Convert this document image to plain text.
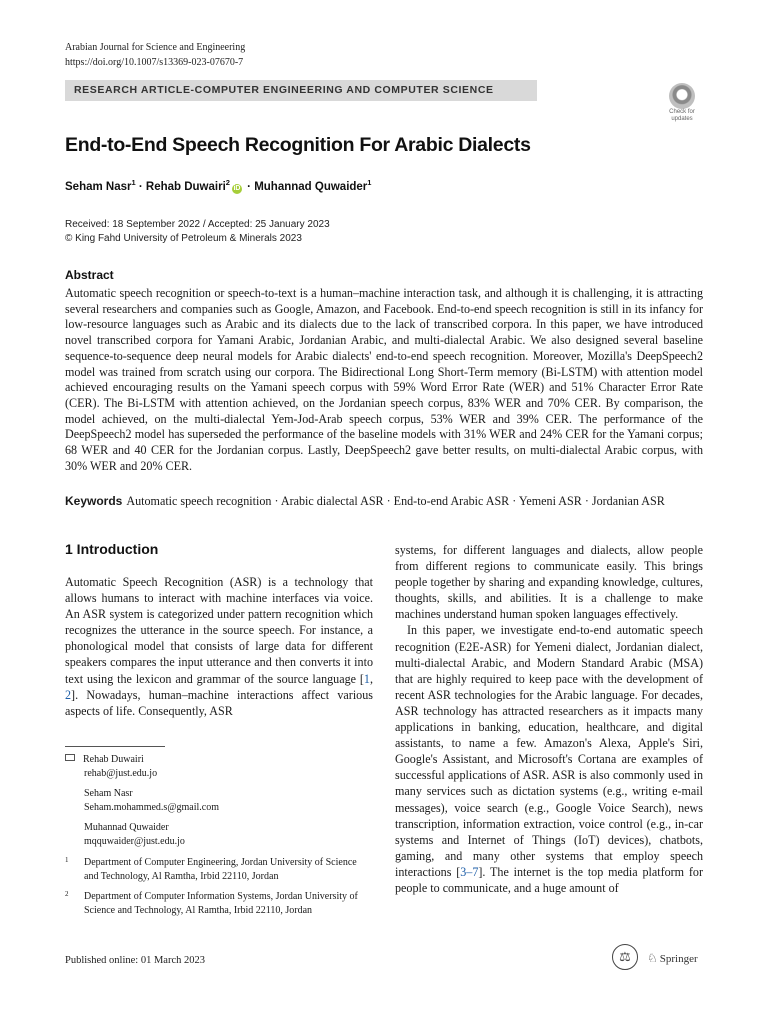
Arabian Journal for Science and Engineering
https://doi.org/10.1007/s13369-023-07670-7
RESEARCH ARTICLE-COMPUTER ENGINEERING AND COMPUTER SCIENCE
Check for
updates
End-to-End Speech Recognition For Arabic Dialects
Seham Nasr$^1$ · Rehab Duwairi$^2$iD · Muhannad Quwaider$^1$
Received: 18 September 2022 / Accepted: 25 January 2023
© King Fahd University of Petroleum & Minerals 2023
Abstract
Automatic speech recognition or speech-to-text is a human–machine interaction task, and although it is challenging, it is attracting several researchers and companies such as Google, Amazon, and Facebook. End-to-end speech recognition is still in its infancy for low-resource languages such as Arabic and its dialects due to the lack of transcribed corpora. In this paper, we have introduced novel transcribed corpora for Yamani Arabic, Jordanian Arabic, and multi-dialectal Arabic. We also designed several baseline sequence-to-sequence deep neural models for Arabic dialects' end-to-end speech recognition. Moreover, Mozilla's DeepSpeech2 model was trained from scratch using our corpora. The Bidirectional Long Short-Term memory (Bi-LSTM) with attention model achieved encouraging results on the Yamani speech corpus with 59% Word Error Rate (WER) and 51% Character Error Rate (CER). The Bi-LSTM with attention achieved, on the Jordanian speech corpus, 83% WER and 70% CER. By comparison, the model achieved, on the multi-dialectal Yem-Jod-Arab speech corpus, 53% WER and 39% CER. The performance of the DeepSpeech2 model has superseded the performance of the baseline models with 31% WER and 24% CER for the Yamani corpus; 68 WER and 40 CER for the Jordanian corpus. Lastly, DeepSpeech2 gave better results, on multi-dialectal Arabic corpus, with 30% WER and 20% CER.
Keywords Automatic speech recognition · Arabic dialectal ASR · End-to-end Arabic ASR · Yemeni ASR · Jordanian ASR
1 Introduction

Automatic Speech Recognition (ASR) is a technology that allows humans to interact with machine interfaces via voice. An ASR system is categorized under pattern recognition which recognizes the utterance in the source speech. For instance, a phonological model that consists of large data for different speakers compares the input utterance and then converts it into text using the lexicon and grammar of the source language [1, 2]. Nowadays, human–machine interactions affect various aspects of life. Consequently, ASR

Rehab Duwairi
rehab@just.edu.jo
Seham Nasr
Seham.mohammed.s@gmail.com
Muhannad Quwaider
mqquwaider@just.edu.jo
1 Department of Computer Engineering, Jordan University of Science and Technology, Al Ramtha, Irbid 22110, Jordan
2 Department of Computer Information Systems, Jordan University of Science and Technology, Al Ramtha, Irbid 22110, Jordan

systems, for different languages and dialects, allow people from different regions to communicate easily. This brings people together by sharing and expanding knowledge, cultures, thoughts, skills, and abilities. It is a challenge to make machines understand human spoken languages effectively.

In this paper, we investigate end-to-end automatic speech recognition (E2E-ASR) for Yemeni dialect, Jordanian dialect, multi-dialectal Arabic, and Modern Standard Arabic (MSA) that are highly required to keep pace with the development of recent ASR technologies for the Arabic language. For decades, ASR technology has attracted researchers as it impacts many applications in banking, education, healthcare, and digital assistants, to name a few. Amazon's Alexa, Apple's Siri, Google's Assistant, and Microsoft's Cortana are examples of successful applications of ASR. ASR is also commonly used in many services such as dictation systems (e.g., writing e-mail messages), voice search (e.g., Google Voice Search), news transcription, information extraction, voice control (e.g., in-car systems and Internet of Things (IoT) devices), chatbots, gaming, and many other systems that employ speech interactions [3–7]. The internet is the top media platform for people to communicate, and a huge amount of

Published online: 01 March 2023	⚖	♘ Springer
